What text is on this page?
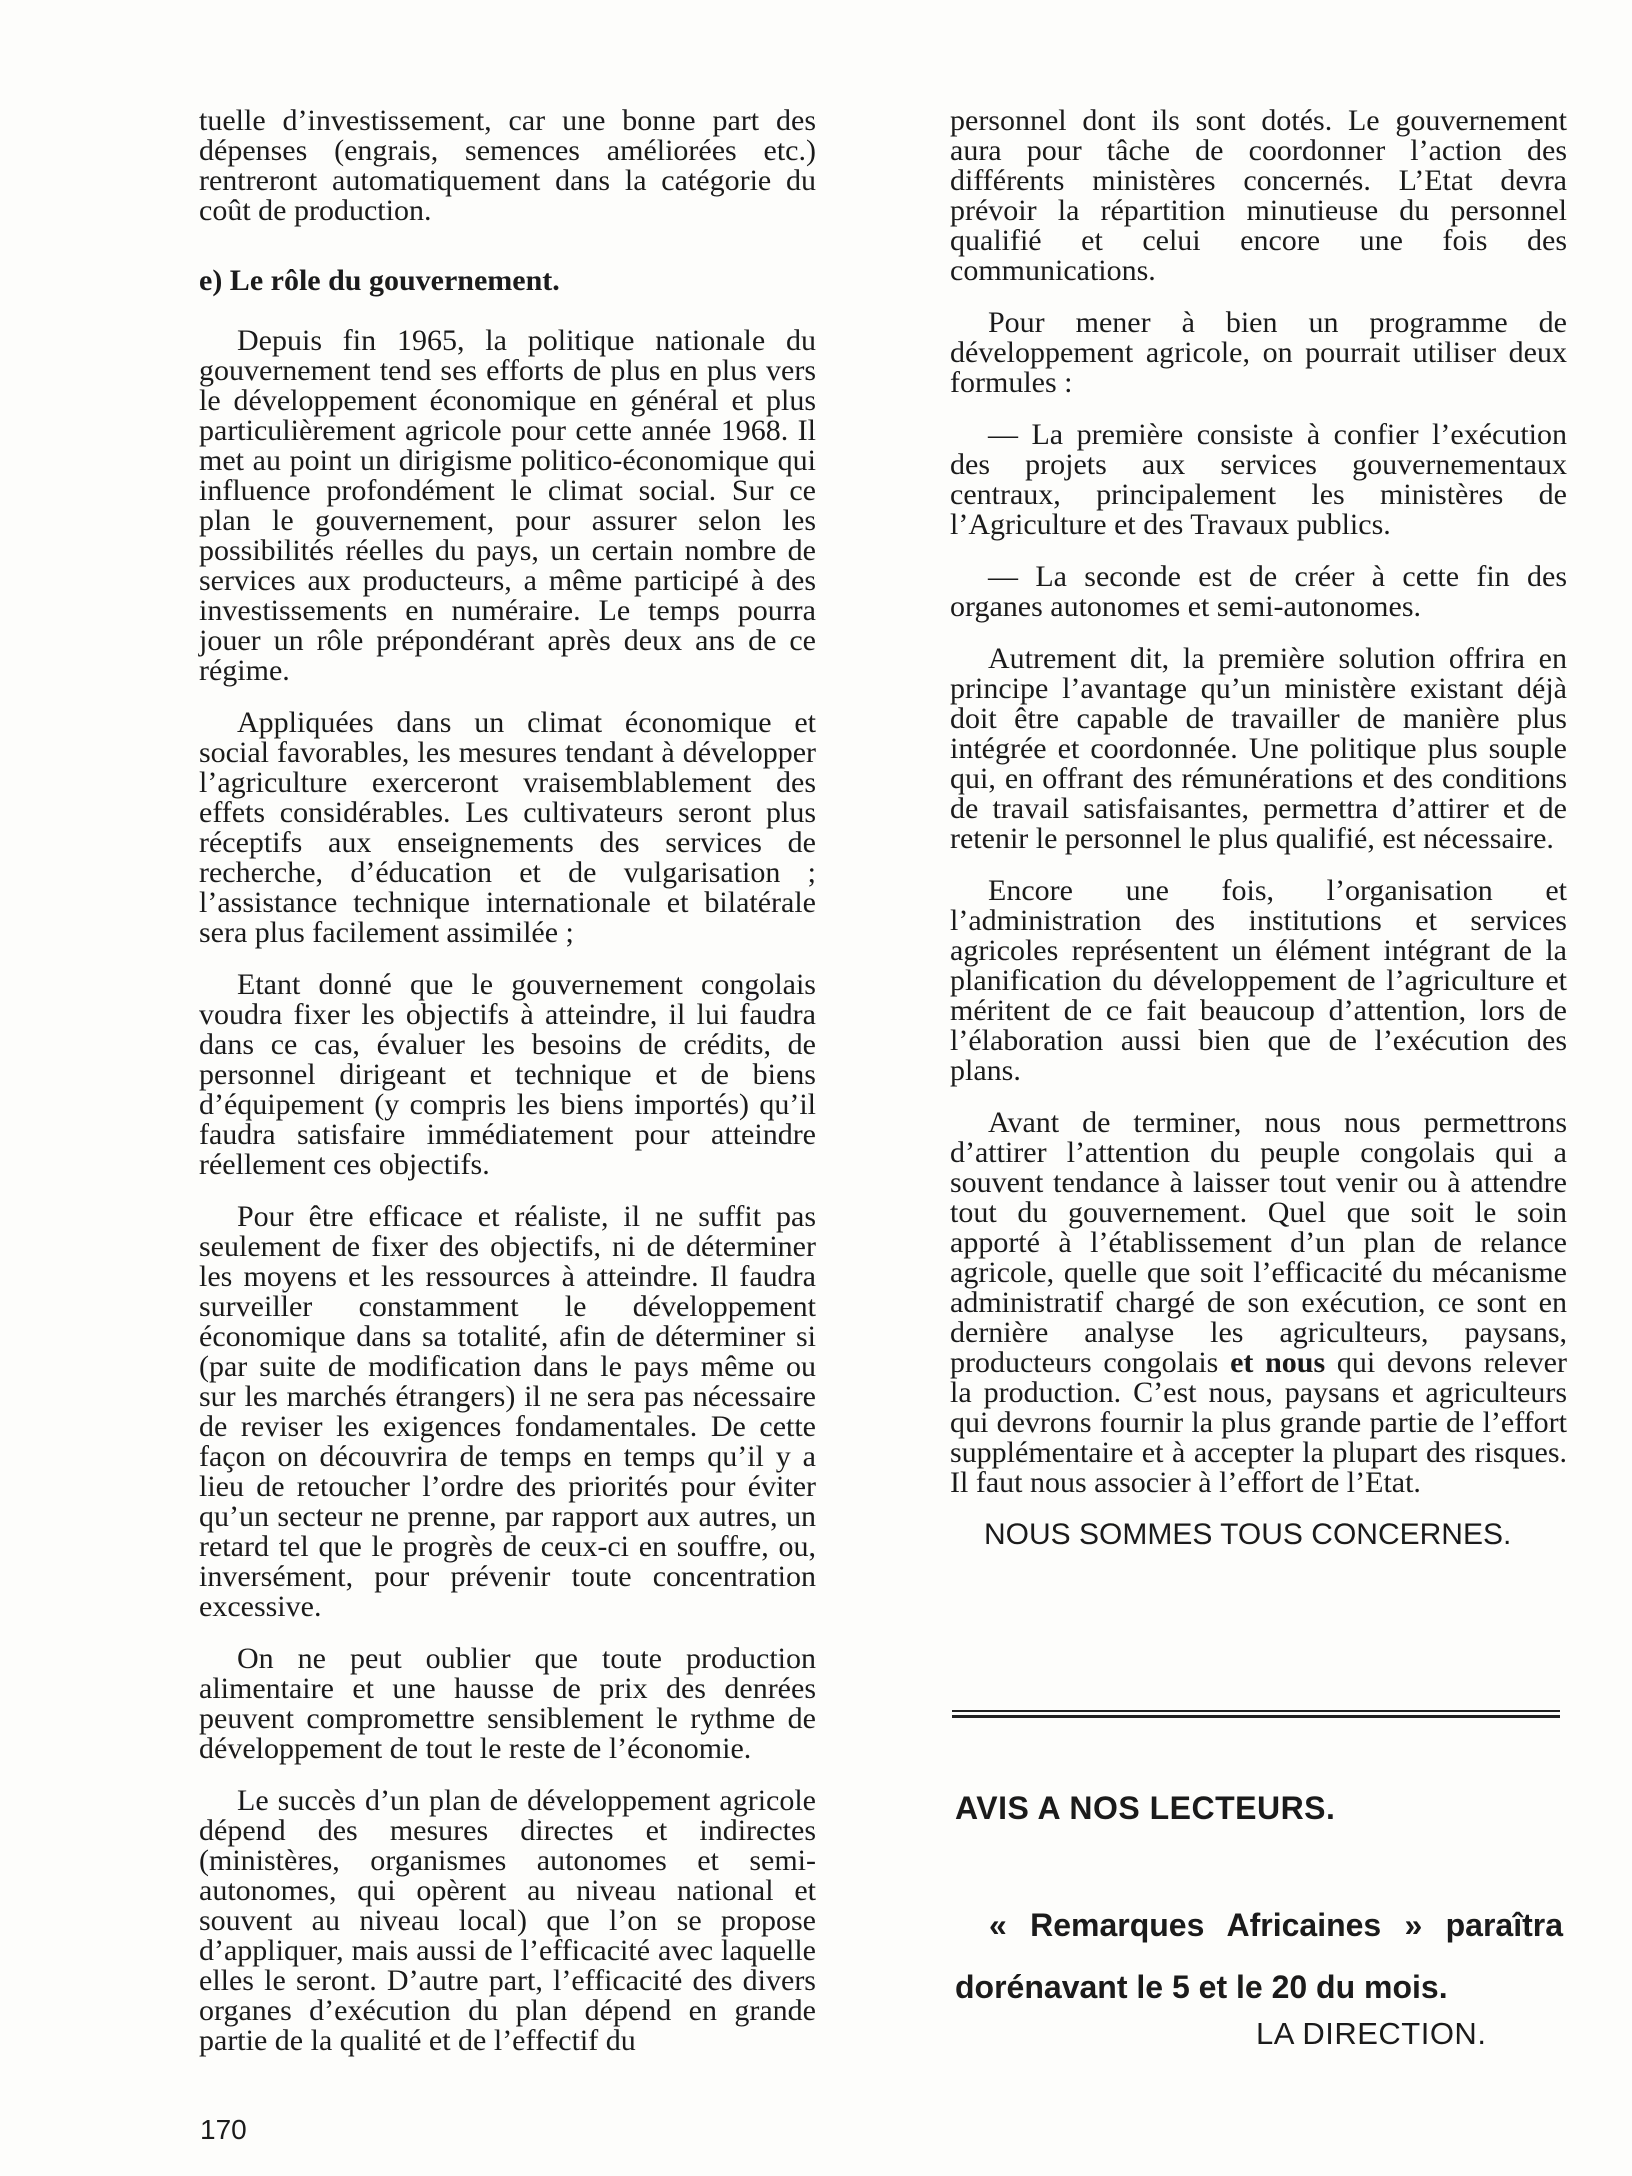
tuelle d’investissement, car une bonne part des dépenses (engrais, semences améliorées etc.) rentreront automatiquement dans la catégorie du coût de production.

e) Le rôle du gouvernement.

Depuis fin 1965, la politique nationale du gouvernement tend ses efforts de plus en plus vers le développement économique en général et plus particulièrement agricole pour cette année 1968. Il met au point un dirigisme politico-économique qui influence profondément le climat social. Sur ce plan le gouvernement, pour assurer selon les possibilités réelles du pays, un certain nombre de services aux producteurs, a même participé à des investissements en numéraire. Le temps pourra jouer un rôle prépondérant après deux ans de ce régime.

Appliquées dans un climat économique et social favorables, les mesures tendant à développer l’agriculture exerceront vraisemblablement des effets considérables. Les cultivateurs seront plus réceptifs aux enseignements des services de recherche, d’éducation et de vulgarisation ; l’assistance technique internationale et bilatérale sera plus facilement assimilée ;

Etant donné que le gouvernement congolais voudra fixer les objectifs à atteindre, il lui faudra dans ce cas, évaluer les besoins de crédits, de personnel dirigeant et technique et de biens d’équipement (y compris les biens importés) qu’il faudra satisfaire immédiatement pour atteindre réellement ces objectifs.

Pour être efficace et réaliste, il ne suffit pas seulement de fixer des objectifs, ni de déterminer les moyens et les ressources à atteindre. Il faudra surveiller constamment le développement économique dans sa totalité, afin de déterminer si (par suite de modification dans le pays même ou sur les marchés étrangers) il ne sera pas nécessaire de reviser les exigences fondamentales. De cette façon on découvrira de temps en temps qu’il y a lieu de retoucher l’ordre des priorités pour éviter qu’un secteur ne prenne, par rapport aux autres, un retard tel que le progrès de ceux-ci en souffre, ou, inversément, pour prévenir toute concentration excessive.

On ne peut oublier que toute production alimentaire et une hausse de prix des denrées peuvent compromettre sensiblement le rythme de développement de tout le reste de l’économie.

Le succès d’un plan de développement agricole dépend des mesures directes et indirectes (ministères, organismes autonomes et semi-autonomes, qui opèrent au niveau national et souvent au niveau local) que l’on se propose d’appliquer, mais aussi de l’efficacité avec laquelle elles le seront. D’autre part, l’efficacité des divers organes d’exécution du plan dépend en grande partie de la qualité et de l’effectif du

personnel dont ils sont dotés. Le gouvernement aura pour tâche de coordonner l’action des différents ministères concernés. L’Etat devra prévoir la répartition minutieuse du personnel qualifié et celui encore une fois des communications.

Pour mener à bien un programme de développement agricole, on pourrait utiliser deux formules :

— La première consiste à confier l’exécution des projets aux services gouvernementaux centraux, principalement les ministères de l’Agriculture et des Travaux publics.

— La seconde est de créer à cette fin des organes autonomes et semi-autonomes.

Autrement dit, la première solution offrira en principe l’avantage qu’un ministère existant déjà doit être capable de travailler de manière plus intégrée et coordonnée. Une politique plus souple qui, en offrant des rémunérations et des conditions de travail satisfaisantes, permettra d’attirer et de retenir le personnel le plus qualifié, est nécessaire.

Encore une fois, l’organisation et l’administration des institutions et services agricoles représentent un élément intégrant de la planification du développement de l’agriculture et méritent de ce fait beaucoup d’attention, lors de l’élaboration aussi bien que de l’exécution des plans.

Avant de terminer, nous nous permettrons d’attirer l’attention du peuple congolais qui a souvent tendance à laisser tout venir ou à attendre tout du gouvernement. Quel que soit le soin apporté à l’établissement d’un plan de relance agricole, quelle que soit l’efficacité du mécanisme administratif chargé de son exécution, ce sont en dernière analyse les agriculteurs, paysans, producteurs congolais et nous qui devons relever la production. C’est nous, paysans et agriculteurs qui devrons fournir la plus grande partie de l’effort supplémentaire et à accepter la plupart des risques. Il faut nous associer à l’effort de l’Etat.

NOUS SOMMES TOUS CONCERNES.

AVIS A NOS LECTEURS.
« Remarques Africaines » paraîtra dorénavant le 5 et le 20 du mois.
LA DIRECTION.
170
